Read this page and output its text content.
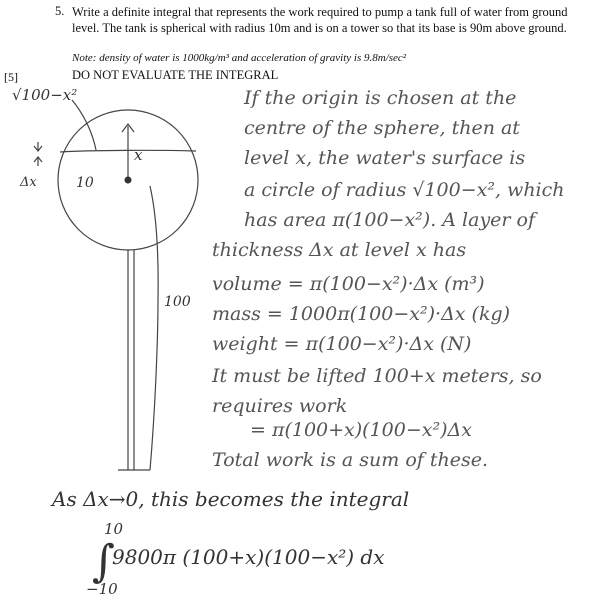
5. Write a definite integral that represents the work required to pump a tank full of water from ground level. The tank is spherical with radius 10m and is on a tower so that its base is 90m above ground.
Note: density of water is 1000kg/m³ and acceleration of gravity is 9.8m/sec²
[5]	DO NOT EVALUATE THE INTEGRAL
√100−x²
x
Δx	10
100
If the origin is chosen at the
centre of the sphere, then at
level x, the water's surface is
a circle of radius √100−x², which
has area π(100−x²). A layer of
thickness Δx at level x has
volume = π(100−x²)·Δx (m³)
mass = 1000π(100−x²)·Δx (kg)
weight = π(100−x²)·Δx (N)
It must be lifted 100+x meters, so
requires work
= π(100+x)(100−x²)Δx
Total work is a sum of these.
As Δx→0, this becomes the integral
10
∫
9800π (100+x)(100−x²) dx
−10
